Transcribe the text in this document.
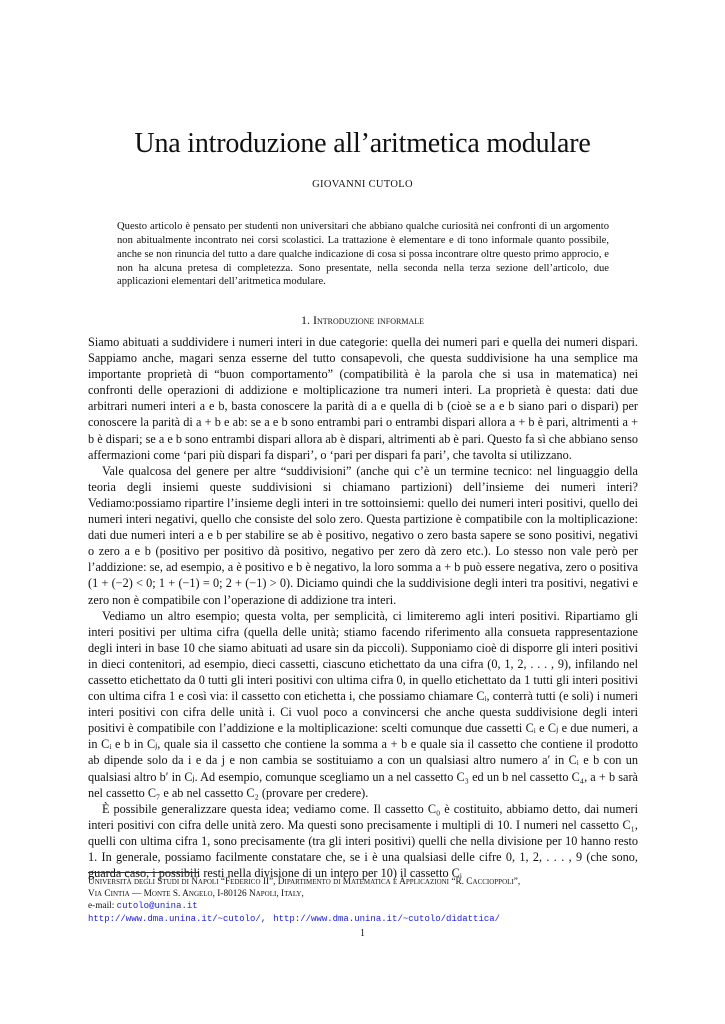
Una introduzione all’aritmetica modulare
GIOVANNI CUTOLO

Questo articolo è pensato per studenti non universitari che abbiano qualche curiosità nei confronti di un argomento non abitualmente incontrato nei corsi scolastici. La trattazione è elementare e di tono informale quanto possibile, anche se non rinuncia del tutto a dare qualche indicazione di cosa si possa incontrare oltre questo primo approcio, e non ha alcuna pretesa di completezza. Sono presentate, nella seconda nella terza sezione dell’articolo, due applicazioni elementari dell’aritmetica modulare.

1. Introduzione informale

Siamo abituati a suddividere i numeri interi in due categorie: quella dei numeri pari e quella dei numeri dispari. Sappiamo anche, magari senza esserne del tutto consapevoli, che questa suddivisione ha una semplice ma importante proprietà di “buon comportamento” (compatibilità è la parola che si usa in matematica) nei confronti delle operazioni di addizione e moltiplicazione tra numeri interi. La proprietà è questa: dati due arbitrari numeri interi a e b, basta conoscere la parità di a e quella di b (cioè se a e b siano pari o dispari) per conoscere la parità di a + b e ab: se a e b sono entrambi pari o entrambi dispari allora a + b è pari, altrimenti a + b è dispari; se a e b sono entrambi dispari allora ab è dispari, altrimenti ab è pari. Questo fa sì che abbiano senso affermazioni come ‘pari più dispari fa dispari’, o ‘pari per dispari fa pari’, che tavolta si utilizzano.

Vale qualcosa del genere per altre “suddivisioni” (anche qui c’è un termine tecnico: nel linguaggio della teoria degli insiemi queste suddivisioni si chiamano partizioni) dell’insieme dei numeri interi? Vediamo:possiamo ripartire l’insieme degli interi in tre sottoinsiemi: quello dei numeri interi positivi, quello dei numeri interi negativi, quello che consiste del solo zero. Questa partizione è compatibile con la moltiplicazione: dati due numeri interi a e b per stabilire se ab è positivo, negativo o zero basta sapere se sono positivi, negativi o zero a e b (positivo per positivo dà positivo, negativo per zero dà zero etc.). Lo stesso non vale però per l’addizione: se, ad esempio, a è positivo e b è negativo, la loro somma a + b può essere negativa, zero o positiva (1 + (−2) < 0; 1 + (−1) = 0; 2 + (−1) > 0). Diciamo quindi che la suddivisione degli interi tra positivi, negativi e zero non è compatibile con l’operazione di addizione tra interi.

Vediamo un altro esempio; questa volta, per semplicità, ci limiteremo agli interi positivi. Ripartiamo gli interi positivi per ultima cifra (quella delle unità; stiamo facendo riferimento alla consueta rappresentazione degli interi in base 10 che siamo abituati ad usare sin da piccoli). Supponiamo cioè di disporre gli interi positivi in dieci contenitori, ad esempio, dieci cassetti, ciascuno etichettato da una cifra (0, 1, 2, . . . , 9), infilando nel cassetto etichettato da 0 tutti gli interi positivi con ultima cifra 0, in quello etichettato da 1 tutti gli interi positivi con ultima cifra 1 e così via: il cassetto con etichetta i, che possiamo chiamare Cᵢ, conterrà tutti (e soli) i numeri interi positivi con cifra delle unità i. Ci vuol poco a convincersi che anche questa suddivisione degli interi positivi è compatibile con l’addizione e la moltiplicazione: scelti comunque due cassetti Cᵢ e Cⱼ e due numeri, a in Cᵢ e b in Cⱼ, quale sia il cassetto che contiene la somma a + b e quale sia il cassetto che contiene il prodotto ab dipende solo da i e da j e non cambia se sostituiamo a con un qualsiasi altro numero a′ in Cᵢ e b con un qualsiasi altro b′ in Cⱼ. Ad esempio, comunque scegliamo un a nel cassetto C₃ ed un b nel cassetto C₄, a + b sarà nel cassetto C₇ e ab nel cassetto C₂ (provare per credere).

È possibile generalizzare questa idea; vediamo come. Il cassetto C₀ è costituito, abbiamo detto, dai numeri interi positivi con cifra delle unità zero. Ma questi sono precisamente i multipli di 10. I numeri nel cassetto C₁, quelli con ultima cifra 1, sono precisamente (tra gli interi positivi) quelli che nella divisione per 10 hanno resto 1. In generale, possiamo facilmente constatare che, se i è una qualsiasi delle cifre 0, 1, 2, . . . , 9 (che sono, guarda caso, i possibili resti nella divisione di un intero per 10) il cassetto Cᵢ

Università degli Studi di Napoli “Federico II”, Dipartimento di Matematica e Applicazioni “R. Caccioppoli”,
Via Cintia — Monte S. Angelo, I-80126 Napoli, Italy,
e-mail: cutolo@unina.it
http://www.dma.unina.it/~cutolo/, http://www.dma.unina.it/~cutolo/didattica/
1
